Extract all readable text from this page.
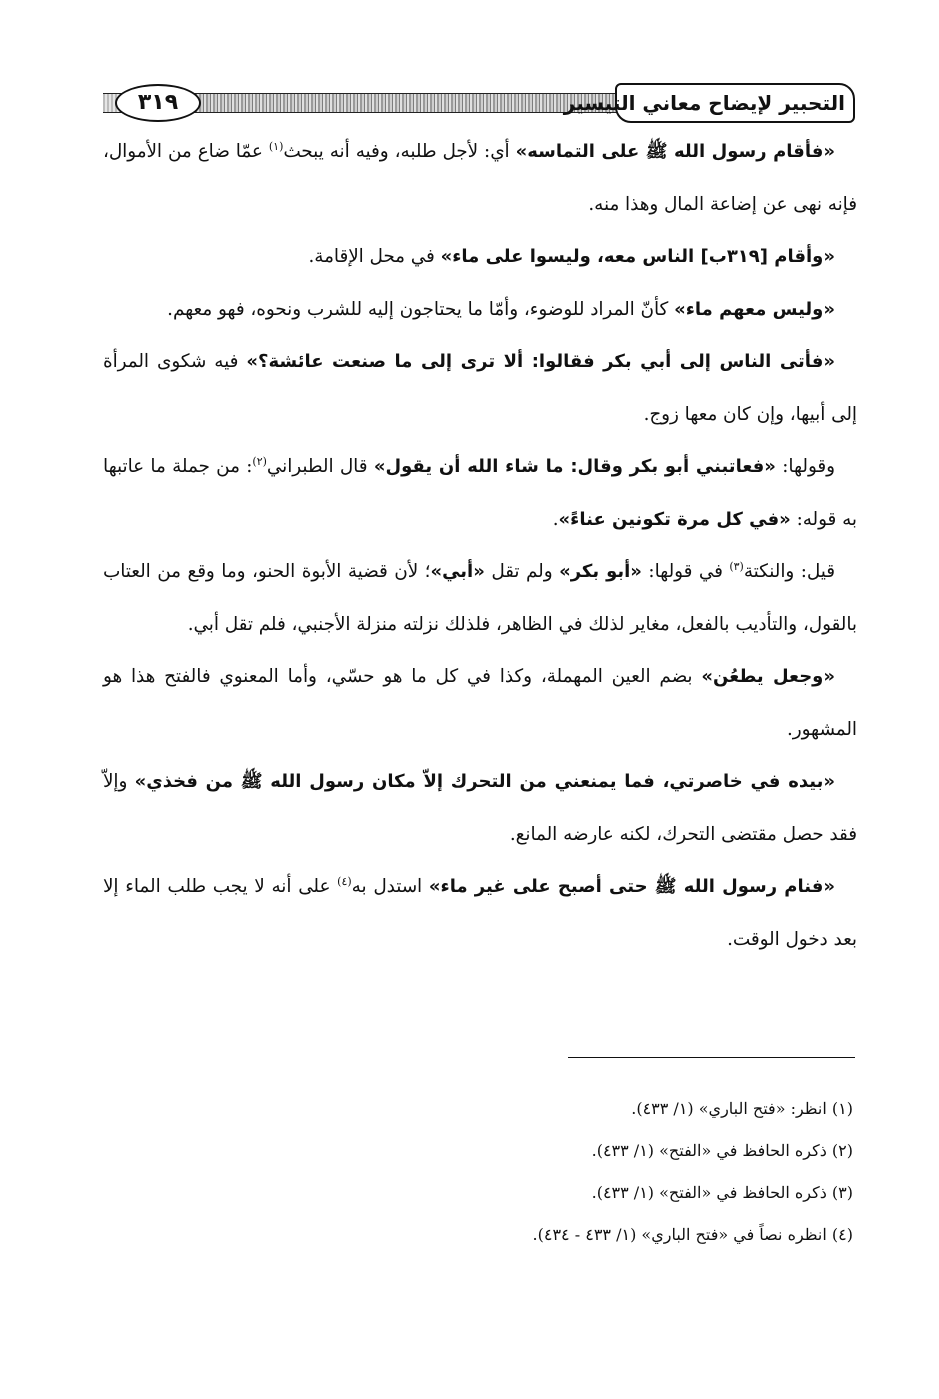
٣١٩	التحبير لإيضاح معاني التيسير

«فأقام رسول الله ﷺ على التماسه» أي: لأجل طلبه، وفيه أنه يبحث$^{(١)}$ عمّا ضاع من الأموال، فإنه نهى عن إضاعة المال وهذا منه.

«وأقام [٣١٩ب] الناس معه، وليسوا على ماء» في محل الإقامة.

«وليس معهم ماء» كأنّ المراد للوضوء، وأمّا ما يحتاجون إليه للشرب ونحوه، فهو معهم.

«فأتى الناس إلى أبي بكر فقالوا: ألا ترى إلى ما صنعت عائشة؟» فيه شكوى المرأة إلى أبيها، وإن كان معها زوج.

وقولها: «فعاتبني أبو بكر وقال: ما شاء الله أن يقول» قال الطبراني$^{(٢)}$: من جملة ما عاتبها به قوله: «في كل مرة تكونين عناءً».

قيل: والنكتة$^{(٣)}$ في قولها: «أبو بكر» ولم تقل «أبي»؛ لأن قضية الأبوة الحنو، وما وقع من العتاب بالقول، والتأديب بالفعل، مغاير لذلك في الظاهر، فلذلك نزلته منزلة الأجنبي، فلم تقل أبي.

«وجعل يطعُن» بضم العين المهملة، وكذا في كل ما هو حسّي، وأما المعنوي فالفتح هذا هو المشهور.

«بيده في خاصرتي، فما يمنعني من التحرك إلاّ مكان رسول الله ﷺ من فخذي» وإلاّ فقد حصل مقتضى التحرك، لكنه عارضه المانع.

«فنام رسول الله ﷺ حتى أصبح على غير ماء» استدل به$^{(٤)}$ على أنه لا يجب طلب الماء إلا بعد دخول الوقت.

(١) انظر: «فتح الباري» (١/ ٤٣٣).
(٢) ذكره الحافظ في «الفتح» (١/ ٤٣٣).
(٣) ذكره الحافظ في «الفتح» (١/ ٤٣٣).
(٤) انظره نصاً في «فتح الباري» (١/ ٤٣٣ - ٤٣٤).
